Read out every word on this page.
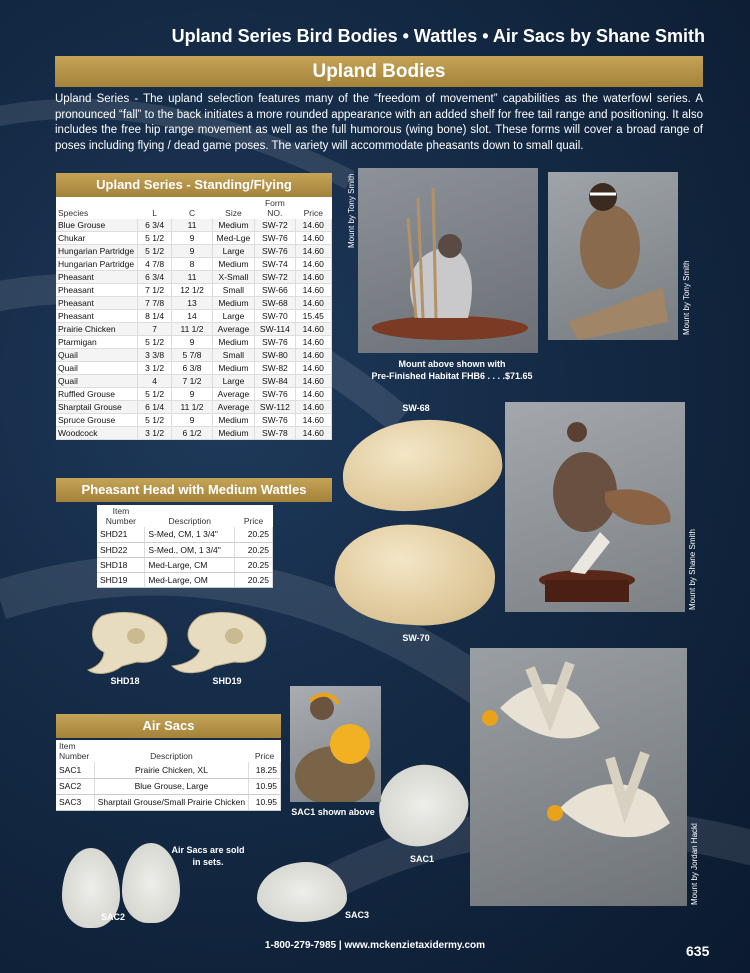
Upland Series Bird Bodies • Wattles • Air Sacs by Shane Smith
Upland Bodies
Upland Series - The upland selection features many of the “freedom of movement” capabilities as the waterfowl series. A pronounced “fall” to the back initiates a more rounded appearance with an added shelf for free tail range and positioning. It also includes the free hip range movement as well as the full humorous (wing bone) slot. These forms will cover a broad range of poses including flying / dead game poses. The variety will accommodate pheasants down to small quail.
Upland Series - Standing/Flying
Species	L	C	Size	Form
NO.	Price
Blue Grouse	6 3/4	11	Medium	SW-72	14.60
Chukar	5 1/2	9	Med-Lge	SW-76	14.60
Hungarian Partridge	5 1/2	9	Large	SW-76	14.60
Hungarian Partridge	4 7/8	8	Medium	SW-74	14.60
Pheasant	6 3/4	11	X-Small	SW-72	14.60
Pheasant	7 1/2	12 1/2	Small	SW-66	14.60
Pheasant	7 7/8	13	Medium	SW-68	14.60
Pheasant	8 1/4	14	Large	SW-70	15.45
Prairie Chicken	7	11 1/2	Average	SW-114	14.60
Ptarmigan	5 1/2	9	Medium	SW-76	14.60
Quail	3 3/8	5 7/8	Small	SW-80	14.60
Quail	3 1/2	6 3/8	Medium	SW-82	14.60
Quail	4	7 1/2	Large	SW-84	14.60
Ruffled Grouse	5 1/2	9	Average	SW-76	14.60
Sharptail Grouse	6 1/4	11 1/2	Average	SW-112	14.60
Spruce Grouse	5 1/2	9	Medium	SW-76	14.60
Woodcock	3 1/2	6 1/2	Medium	SW-78	14.60
Pheasant Head with Medium Wattles
Item
Number	Description	Price
SHD21	S-Med, CM, 1 3/4"	20.25
SHD22	S-Med., OM, 1 3/4"	20.25
SHD18	Med-Large, CM	20.25
SHD19	Med-Large, OM	20.25
SHD18	SHD19
Air Sacs
Item
Number	Description	Price
SAC1	Prairie Chicken, XL	18.25
SAC2	Blue Grouse, Large	10.95
SAC3	Sharptail Grouse/Small Prairie Chicken	10.95
SAC2
Air Sacs are sold in sets.
SAC3
SAC1
Mount by Tony Smith
Mount above shown with
Pre-Finished Habitat FHB6 . . . .$71.65
Mount by Tony Smith
Mount by Shane Smith
SAC1 shown above
Mount by Jordan Hackl
SW-68
SW-70
1-800-279-7985 | www.mckenzietaxidermy.com	635
